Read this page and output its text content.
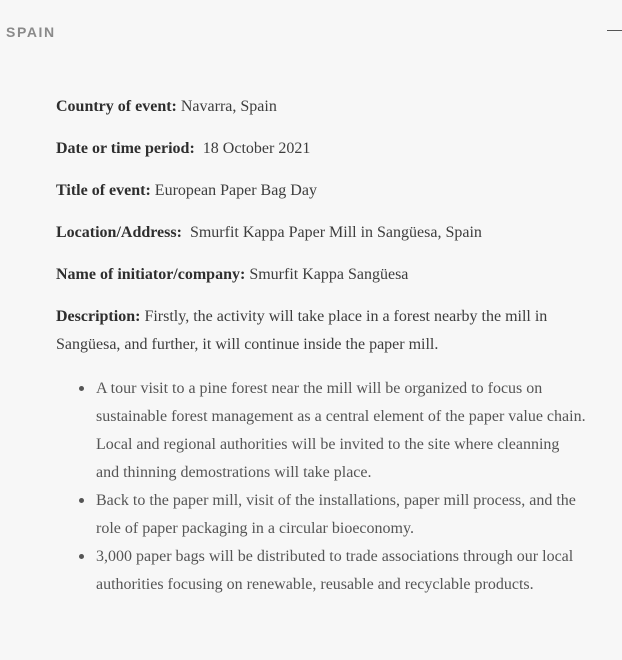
SPAIN

Country of event: Navarra, Spain

Date or time period: 18 October 2021

Title of event: European Paper Bag Day

Location/Address: Smurfit Kappa Paper Mill in Sangüesa, Spain

Name of initiator/company: Smurfit Kappa Sangüesa

Description: Firstly, the activity will take place in a forest nearby the mill in Sangüesa, and further, it will continue inside the paper mill.

A tour visit to a pine forest near the mill will be organized to focus on sustainable forest management as a central element of the paper value chain. Local and regional authorities will be invited to the site where cleanning and thinning demostrations will take place.
Back to the paper mill, visit of the installations, paper mill process, and the role of paper packaging in a circular bioeconomy.
3,000 paper bags will be distributed to trade associations through our local authorities focusing on renewable, reusable and recyclable products.
